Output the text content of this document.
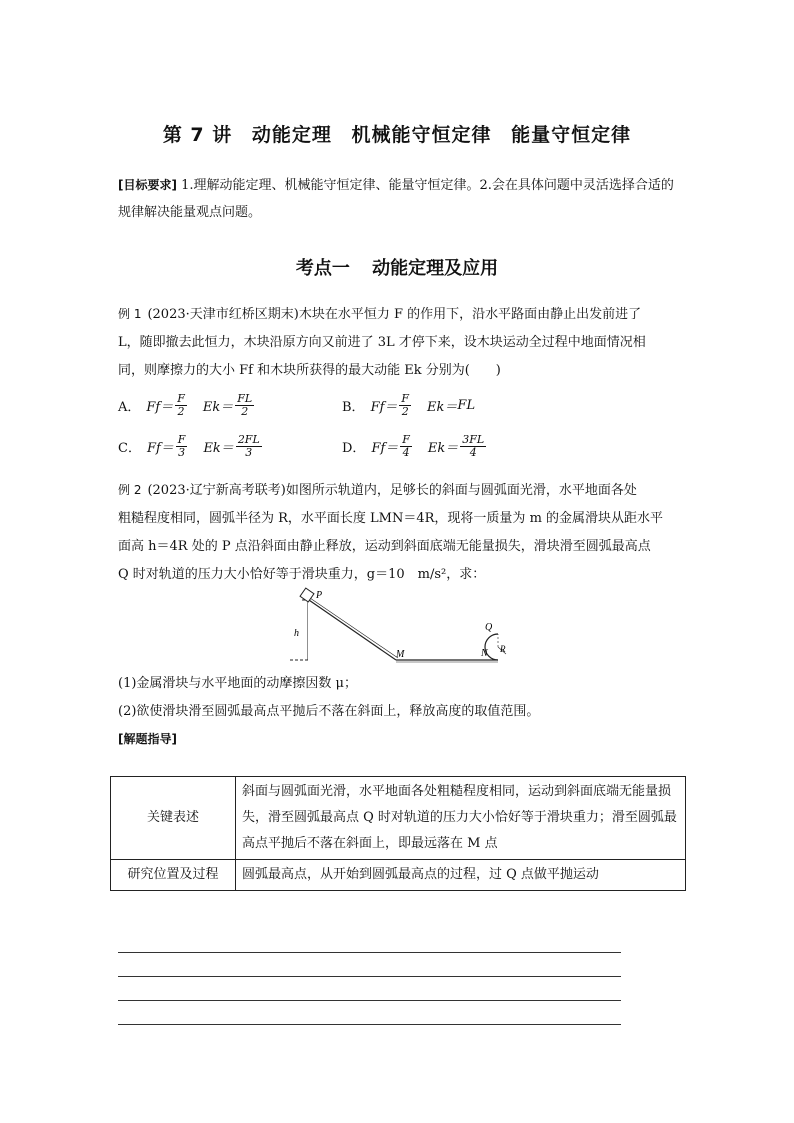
第 7 讲 动能定理 机械能守恒定律 能量守恒定律
[目标要求] 1.理解动能定理、机械能守恒定律、能量守恒定律。2.会在具体问题中灵活选择合适的规律解决能量观点问题。
考点一 动能定理及应用
例 1 (2023·天津市红桥区期末)木块在水平恒力 F 的作用下，沿水平路面由静止出发前进了
L，随即撤去此恒力，木块沿原方向又前进了 3L 才停下来，设木块运动全过程中地面情况相
同，则摩擦力的大小 Ff 和木块所获得的最大动能 Ek 分别为(　　)
A． $Ff= \frac{F}{2} Ek= \frac{FL}{2}$	B． $Ff= \frac{F}{2} Ek=$ FL
C． $Ff= \frac{F}{3} Ek= \frac{2FL}{3}$	D． $Ff= \frac{F}{4} Ek= \frac{3FL}{4}$
例 2 (2023·辽宁新高考联考)如图所示轨道内，足够长的斜面与圆弧面光滑，水平地面各处
粗糙程度相同，圆弧半径为 R，水平面长度 LMN＝4R，现将一质量为 m 的金属滑块从距水平
面高 h＝4R 处的 P 点沿斜面由静止释放，运动到斜面底端无能量损失，滑块滑至圆弧最高点
Q 时对轨道的压力大小恰好等于滑块重力，g＝10　m/s²，求：
P
h
M	N
Q
R
(1)金属滑块与水平地面的动摩擦因数 μ；
(2)欲使滑块滑至圆弧最高点平抛后不落在斜面上，释放高度的取值范围。
[解题指导]
关键表述	斜面与圆弧面光滑，水平地面各处粗糙程度相同，运动到斜面底端无能量损失，滑至圆弧最高点 Q 时对轨道的压力大小恰好等于滑块重力；滑至圆弧最高点平抛后不落在斜面上，即最远落在 M 点
研究位置及过程	圆弧最高点，从开始到圆弧最高点的过程，过 Q 点做平抛运动
